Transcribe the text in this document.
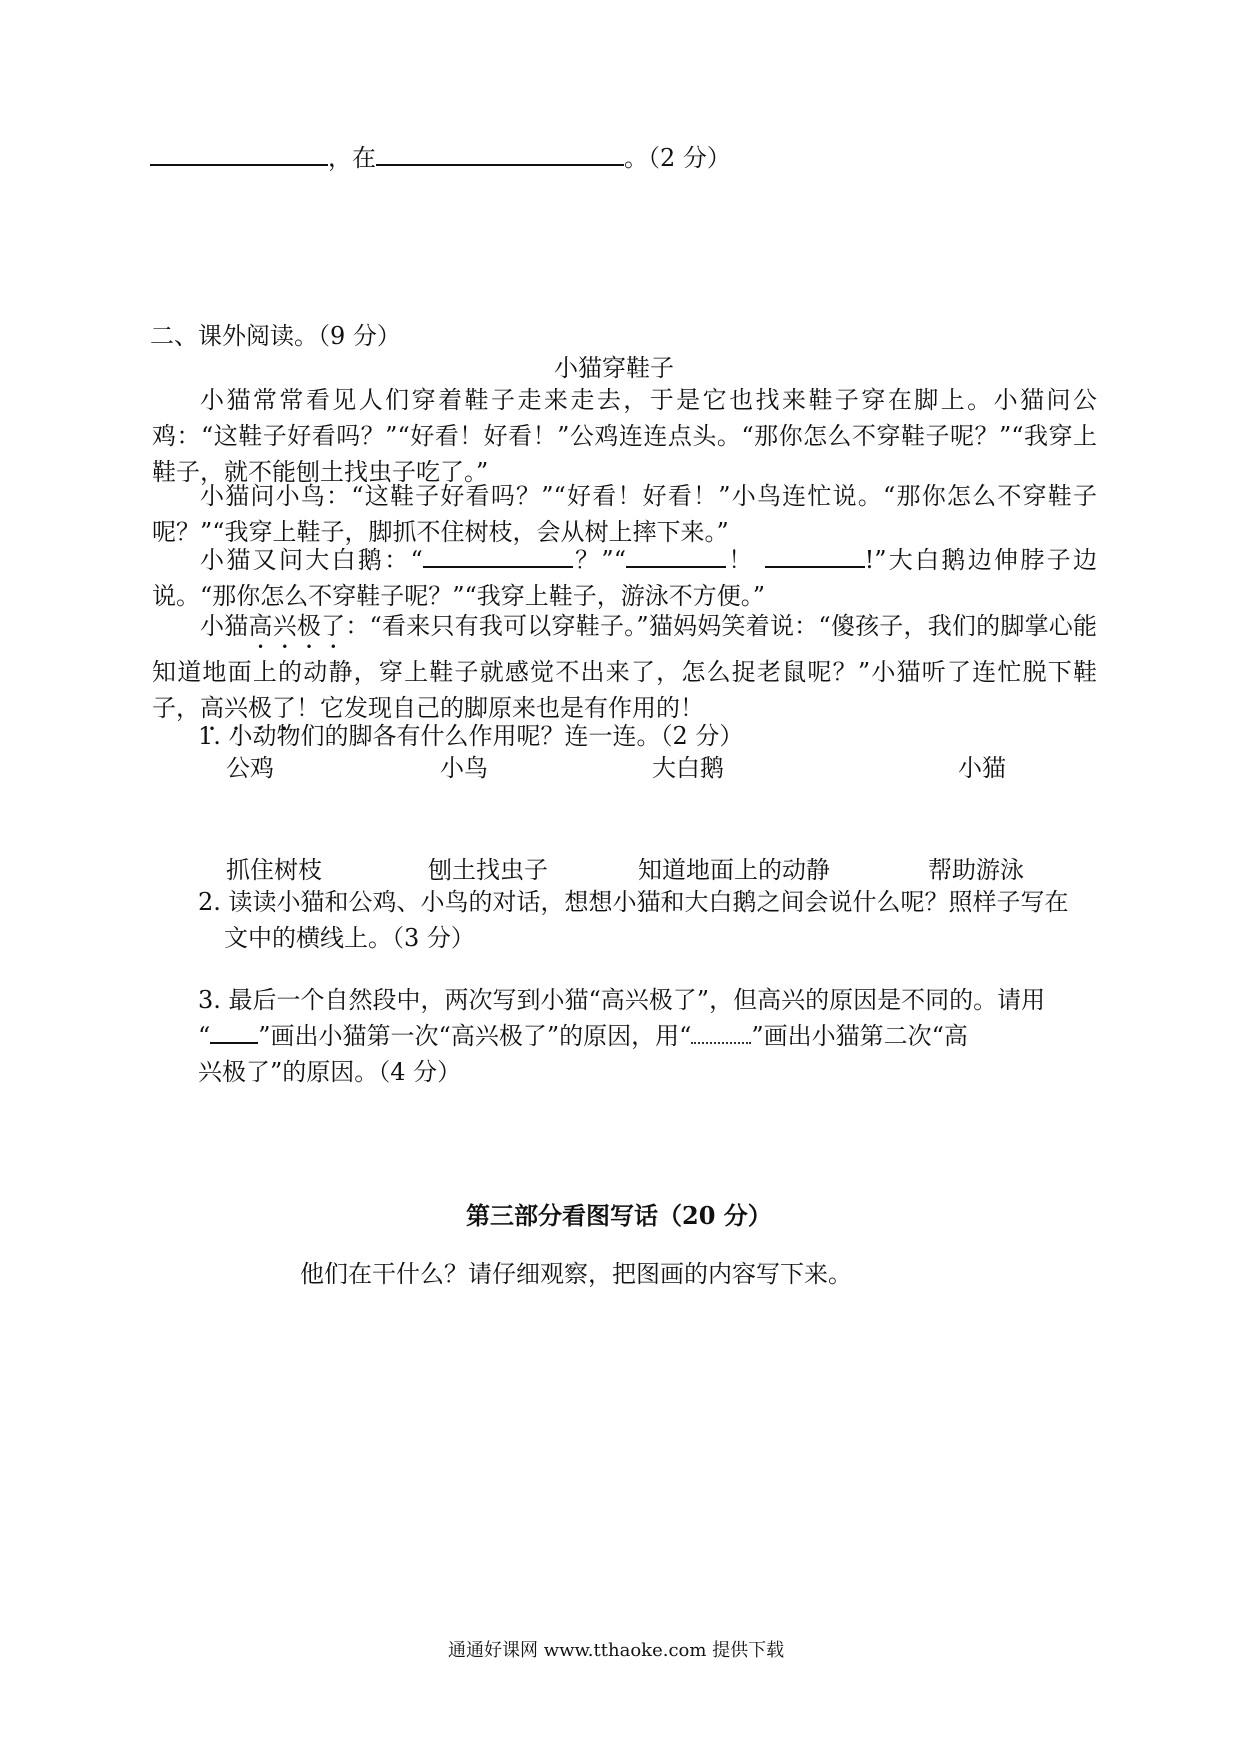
，在	。（2 分）
二、课外阅读。（9 分）
小猫穿鞋子
小猫常常看见人们穿着鞋子走来走去，于是它也找来鞋子穿在脚上。小猫问公鸡：“这鞋子好看吗？”“好看！好看！”公鸡连连点头。“那你怎么不穿鞋子呢？”“我穿上鞋子，就不能刨土找虫子吃了。”
小猫问小鸟：“这鞋子好看吗？”“好看！好看！”小鸟连忙说。“那你怎么不穿鞋子呢？”“我穿上鞋子，脚抓不住树枝，会从树上摔下来。”
小猫又问大白鹅：“	？”“	！	!”大白鹅边伸脖子边说。“那你怎么不穿鞋子呢？”“我穿上鞋子，游泳不方便。”
小猫高兴极了：“看来只有我可以穿鞋子。”猫妈妈笑着说：“傻孩子，我们的脚掌心能知道地面上的动静，穿上鞋子就感觉不出来了，怎么捉老鼠呢？”小猫听了连忙脱下鞋子，高兴极了！它发现自己的脚原来也是有作用的！
1. 小动物们的脚各有什么作用呢？连一连。（2 分）
公鸡	小鸟	大白鹅	小猫
抓住树枝	刨土找虫子	知道地面上的动静	帮助游泳
2. 读读小猫和公鸡、小鸟的对话，想想小猫和大白鹅之间会说什么呢？照样子写在
文中的横线上。（3 分）
3. 最后一个自然段中，两次写到小猫“高兴极了”，但高兴的原因是不同的。请用
“ ”画出小猫第一次“高兴极了”的原因，用“	”画出小猫第二次“高
兴极了”的原因。（4 分）
第三部分看图写话（20 分）
他们在干什么？请仔细观察，把图画的内容写下来。
通通好课网 www.tthaoke.com 提供下载
